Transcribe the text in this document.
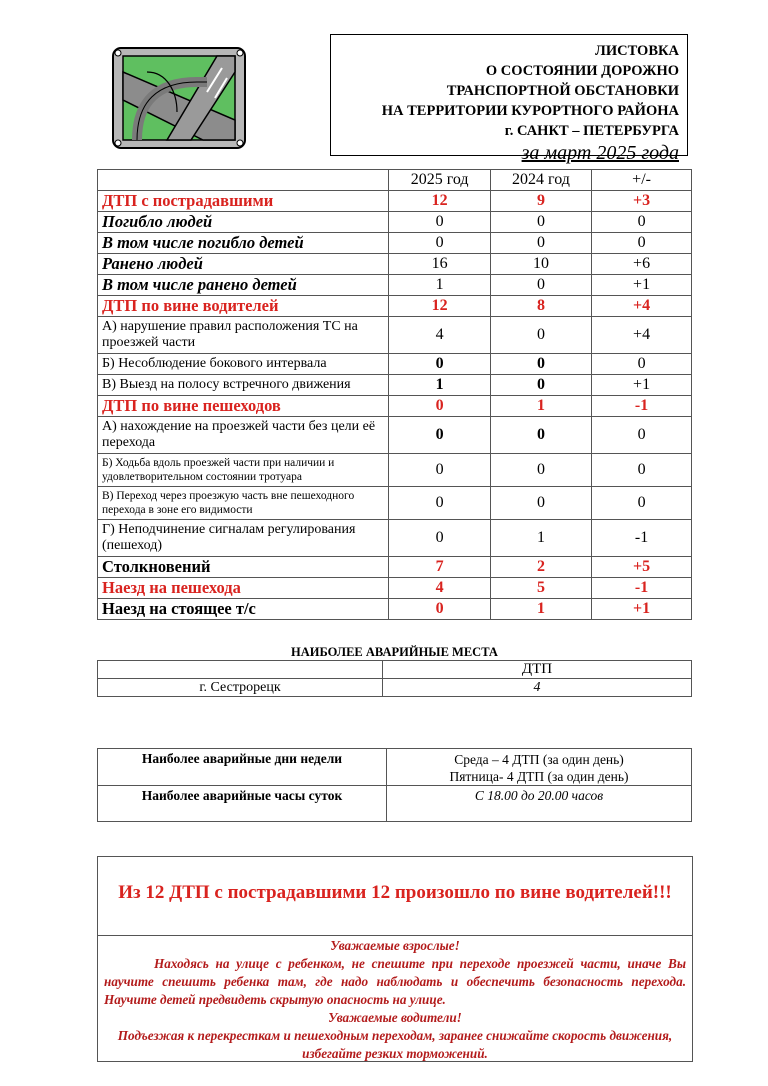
ЛИСТОВКА
О СОСТОЯНИИ ДОРОЖНО
ТРАНСПОРТНОЙ ОБСТАНОВКИ
НА ТЕРРИТОРИИ КУРОРТНОГО РАЙОНА
г. САНКТ – ПЕТЕРБУРГА
за март 2025 года
	2025 год	2024 год	+/-
ДТП с пострадавшими	12	9	+3
Погибло людей	0	0	0
В том числе погибло детей	0	0	0
Ранено людей	16	10	+6
В том числе ранено детей	1	0	+1
ДТП по вине водителей	12	8	+4
А) нарушение правил расположения ТС на проезжей части	4	0	+4
Б) Несоблюдение бокового интервала	0	0	0
В) Выезд на полосу встречного движения	1	0	+1
ДТП по вине пешеходов	0	1	-1
А) нахождение на проезжей части без цели её перехода	0	0	0
Б) Ходьба вдоль проезжей части при наличии и удовлетворительном состоянии тротуара	0	0	0
В) Переход через проезжую часть вне пешеходного перехода в зоне его видимости	0	0	0
Г) Неподчинение сигналам регулирования (пешеход)	0	1	-1
Столкновений	7	2	+5
Наезд на пешехода	4	5	-1
Наезд на стоящее т/с	0	1	+1
НАИБОЛЕЕ АВАРИЙНЫЕ МЕСТА
	ДТП
г. Сестрорецк	4
Наиболее аварийные дни недели	Среда – 4 ДТП (за один день)
Пятница- 4 ДТП (за один день)

Наиболее аварийные часы суток	С 18.00 до 20.00 часов
Из 12 ДТП с пострадавшими 12 произошло по вине водителей!!!
Уважаемые взрослые!
Находясь на улице с ребенком, не спешите при переходе проезжей части, иначе Вы научите спешить ребенка там, где надо наблюдать и обеспечить безопасность перехода. Научите детей предвидеть скрытую опасность на улице.
Уважаемые водители!
Подъезжая к перекресткам и пешеходным переходам, заранее снижайте скорость движения, избегайте резких торможений.
